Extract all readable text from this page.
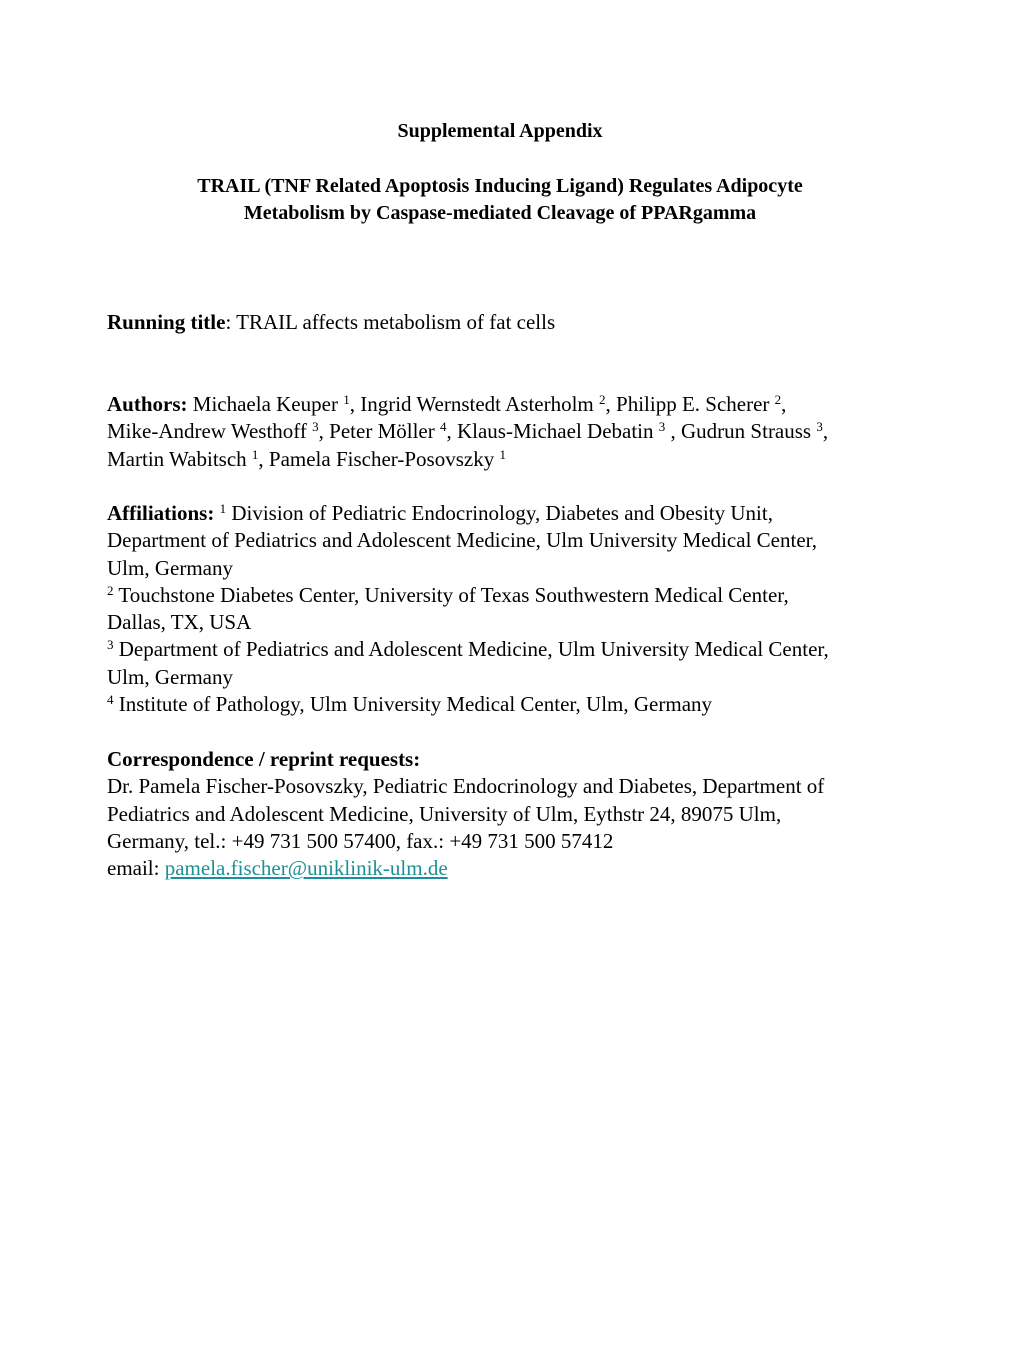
Supplemental Appendix
TRAIL (TNF Related Apoptosis Inducing Ligand) Regulates Adipocyte
Metabolism by Caspase-mediated Cleavage of PPARgamma
Running title: TRAIL affects metabolism of fat cells
Authors: Michaela Keuper $^1$, Ingrid Wernstedt Asterholm $^2$, Philipp E. Scherer $^2$,
Mike-Andrew Westhoff $^3$, Peter Möller $^4$, Klaus-Michael Debatin $^3$ , Gudrun Strauss $^3$,
Martin Wabitsch $^1$, Pamela Fischer-Posovszky $^1$
Affiliations: $^1$ Division of Pediatric Endocrinology, Diabetes and Obesity Unit,
Department of Pediatrics and Adolescent Medicine, Ulm University Medical Center,
Ulm, Germany
$^2$ Touchstone Diabetes Center, University of Texas Southwestern Medical Center,
Dallas, TX, USA
$^3$ Department of Pediatrics and Adolescent Medicine, Ulm University Medical Center,
Ulm, Germany
$^4$ Institute of Pathology, Ulm University Medical Center, Ulm, Germany
Correspondence / reprint requests:
Dr. Pamela Fischer-Posovszky, Pediatric Endocrinology and Diabetes, Department of
Pediatrics and Adolescent Medicine, University of Ulm, Eythstr 24, 89075 Ulm,
Germany, tel.: +49 731 500 57400, fax.: +49 731 500 57412
email: pamela.fischer@uniklinik-ulm.de
